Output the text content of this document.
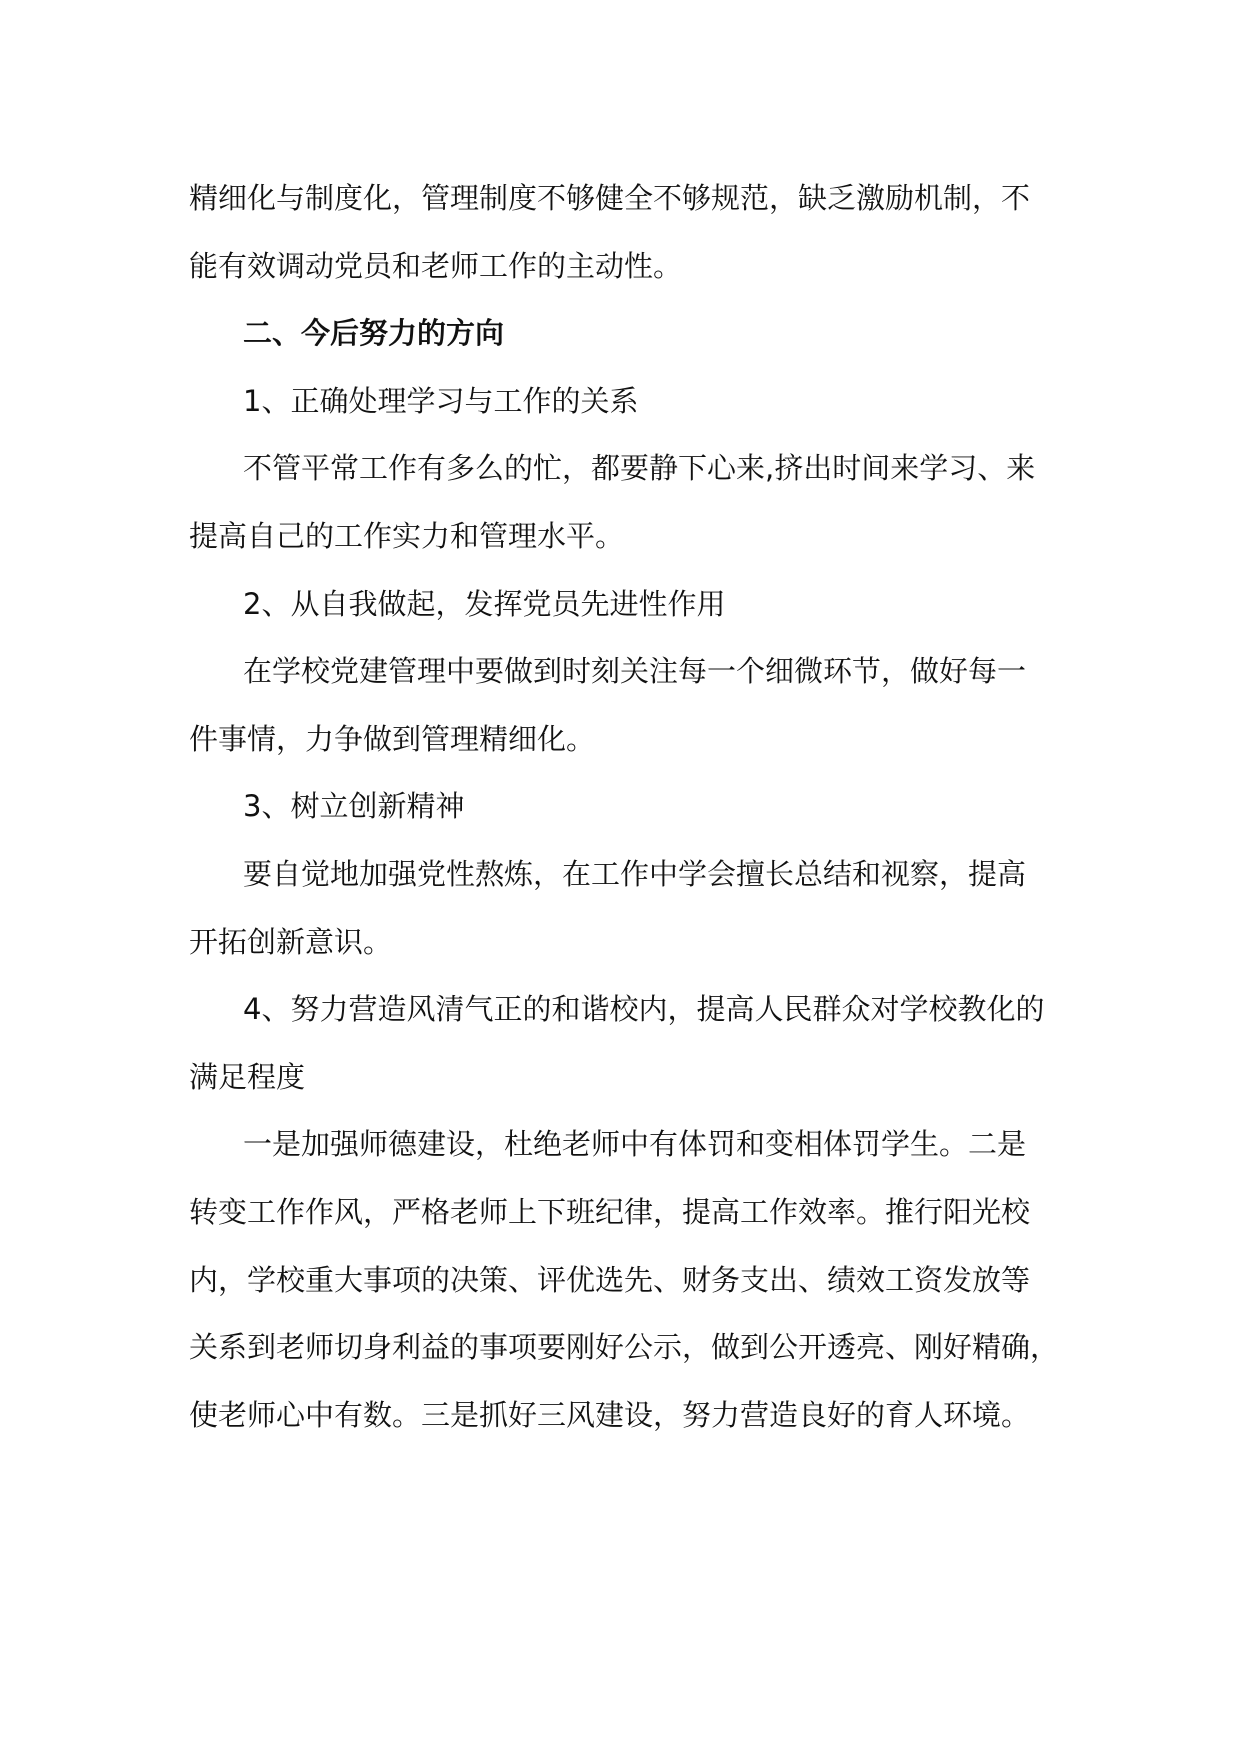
精细化与制度化，管理制度不够健全不够规范，缺乏激励机制，不

能有效调动党员和老师工作的主动性。

二、今后努力的方向

1、正确处理学习与工作的关系

不管平常工作有多么的忙，都要静下心来,挤出时间来学习、来

提高自己的工作实力和管理水平。

2、从自我做起，发挥党员先进性作用

在学校党建管理中要做到时刻关注每一个细微环节，做好每一

件事情，力争做到管理精细化。

3、树立创新精神

要自觉地加强党性熬炼，在工作中学会擅长总结和视察，提高

开拓创新意识。

4、努力营造风清气正的和谐校内，提高人民群众对学校教化的

满足程度

一是加强师德建设，杜绝老师中有体罚和变相体罚学生。二是

转变工作作风，严格老师上下班纪律，提高工作效率。推行阳光校

内，学校重大事项的决策、评优选先、财务支出、绩效工资发放等

关系到老师切身利益的事项要刚好公示，做到公开透亮、刚好精确，

使老师心中有数。三是抓好三风建设，努力营造良好的育人环境。
